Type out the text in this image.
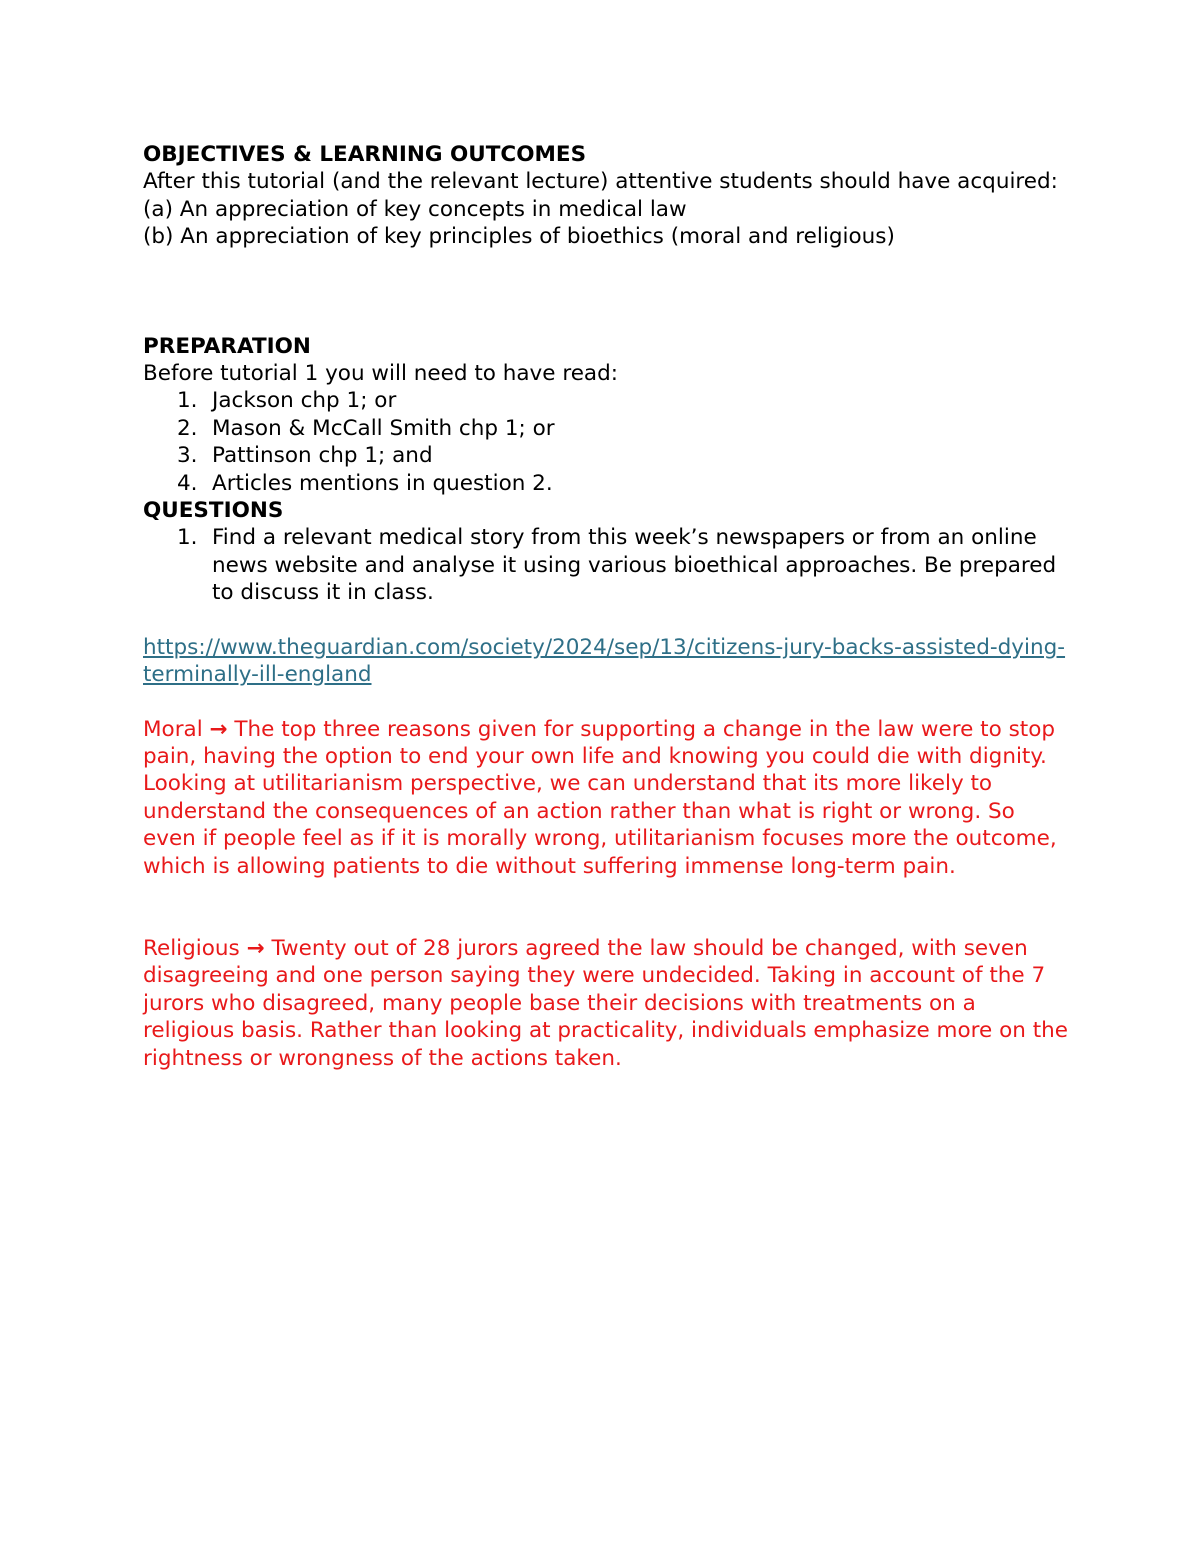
OBJECTIVES & LEARNING OUTCOMES
After this tutorial (and the relevant lecture) attentive students should have acquired: (a) An appreciation of key concepts in medical law
(b) An appreciation of key principles of bioethics (moral and religious)
PREPARATION
Before tutorial 1 you will need to have read:
1. Jackson chp 1; or
2. Mason & McCall Smith chp 1; or
3. Pattinson chp 1; and
4. Articles mentions in question 2.
QUESTIONS
1. Find a relevant medical story from this week’s newspapers or from an online news website and analyse it using various bioethical approaches. Be prepared to discuss it in class.
https://www.theguardian.com/society/2024/sep/13/citizens-jury-backs-assisted-dying-terminally-ill-england

Moral → The top three reasons given for supporting a change in the law were to stop pain, having the option to end your own life and knowing you could die with dignity. Looking at utilitarianism perspective, we can understand that its more likely to understand the consequences of an action rather than what is right or wrong. So even if people feel as if it is morally wrong, utilitarianism focuses more the outcome, which is allowing patients to die without suffering immense long-term pain.

Religious → Twenty out of 28 jurors agreed the law should be changed, with seven disagreeing and one person saying they were undecided. Taking in account of the 7 jurors who disagreed, many people base their decisions with treatments on a religious basis. Rather than looking at practicality, individuals emphasize more on the rightness or wrongness of the actions taken.
